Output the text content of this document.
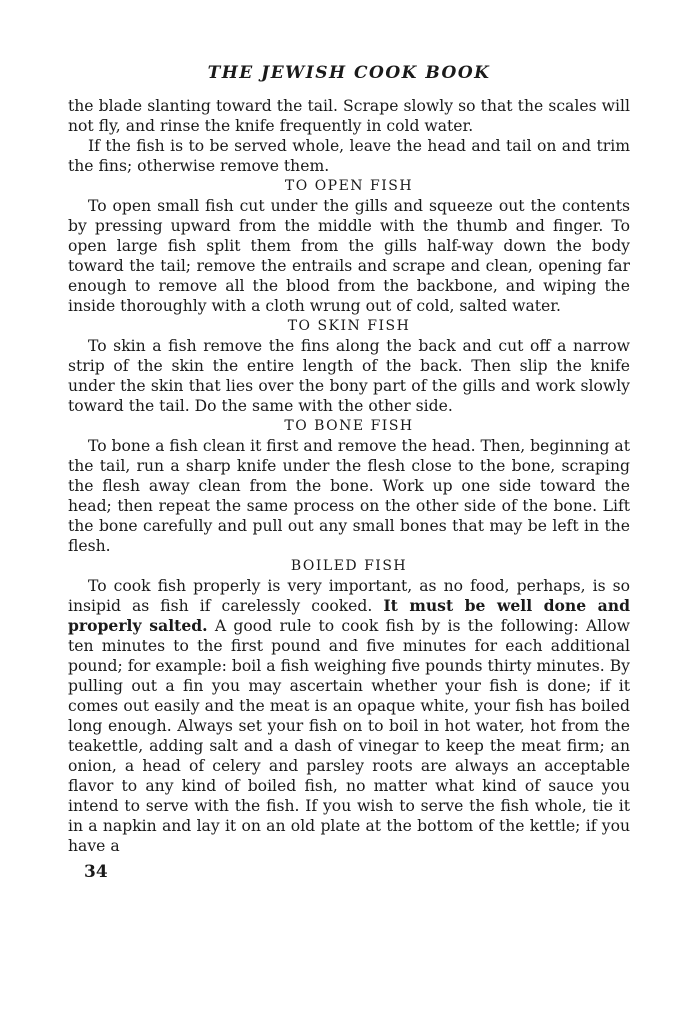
THE JEWISH COOK BOOK

the blade slanting toward the tail. Scrape slowly so that the scales will not fly, and rinse the knife frequently in cold water.

If the fish is to be served whole, leave the head and tail on and trim the fins; otherwise remove them.

TO OPEN FISH

To open small fish cut under the gills and squeeze out the contents by pressing upward from the middle with the thumb and finger. To open large fish split them from the gills half-way down the body toward the tail; remove the entrails and scrape and clean, opening far enough to remove all the blood from the backbone, and wiping the inside thoroughly with a cloth wrung out of cold, salted water.

TO SKIN FISH

To skin a fish remove the fins along the back and cut off a narrow strip of the skin the entire length of the back. Then slip the knife under the skin that lies over the bony part of the gills and work slowly toward the tail. Do the same with the other side.

TO BONE FISH

To bone a fish clean it first and remove the head. Then, beginning at the tail, run a sharp knife under the flesh close to the bone, scraping the flesh away clean from the bone. Work up one side toward the head; then repeat the same process on the other side of the bone. Lift the bone carefully and pull out any small bones that may be left in the flesh.

BOILED FISH

To cook fish properly is very important, as no food, perhaps, is so insipid as fish if carelessly cooked. It must be well done and properly salted. A good rule to cook fish by is the following: Allow ten minutes to the first pound and five minutes for each additional pound; for example: boil a fish weighing five pounds thirty minutes. By pulling out a fin you may ascertain whether your fish is done; if it comes out easily and the meat is an opaque white, your fish has boiled long enough. Always set your fish on to boil in hot water, hot from the teakettle, adding salt and a dash of vinegar to keep the meat firm; an onion, a head of celery and parsley roots are always an acceptable flavor to any kind of boiled fish, no matter what kind of sauce you intend to serve with the fish. If you wish to serve the fish whole, tie it in a napkin and lay it on an old plate at the bottom of the kettle; if you have a

34
